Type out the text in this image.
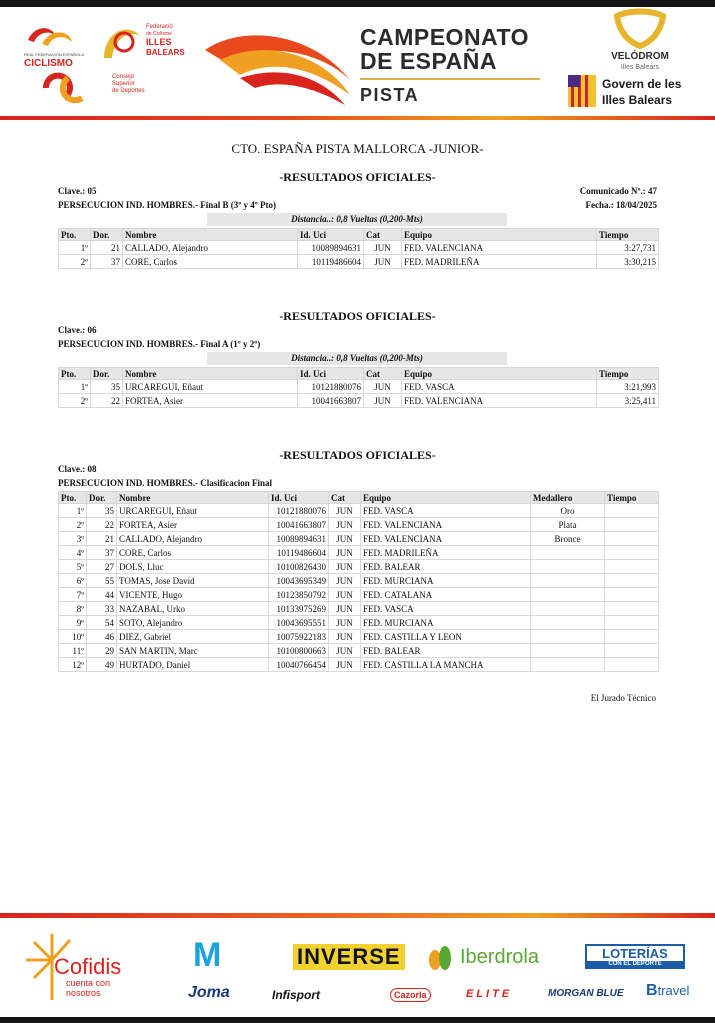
REAL FEDERACIÓN ESPAÑOLA
CICLISMO
Federació
de Ciclisme
ILLES
BALEARS
Consejo
Superior
de Deportes
CAMPEONATO
DE ESPAÑA
PISTA
VELÓDROM
Illes Balears
Govern de les
Illes Balears
CTO. ESPAÑA PISTA MALLORCA -JUNIOR-
-RESULTADOS OFICIALES-
Clave.: 05	Comunicado Nº.: 47
PERSECUCION IND. HOMBRES.- Final B (3º y 4º Pto)	Fecha.: 18/04/2025
Distancia..: 0,8 Vueltas (0,200-Mts)
Pto.	Dor.	Nombre	Id. Uci	Cat	Equipo	Tiempo
1º	21	CALLADO, Alejandro	10089894631	JUN	FED. VALENCIANA	3:27,731
2º	37	CORE, Carlos	10119486604	JUN	FED. MADRILEÑA	3:30,215
-RESULTADOS OFICIALES-
Clave.: 06
PERSECUCION IND. HOMBRES.- Final A (1º y 2º)
Distancia..: 0,8 Vueltas (0,200-Mts)
Pto.	Dor.	Nombre	Id. Uci	Cat	Equipo	Tiempo
1º	35	URCAREGUI, Eñaut	10121880076	JUN	FED. VASCA	3:21,993
2º	22	FORTEA, Asier	10041663807	JUN	FED. VALENCIANA	3:25,411
-RESULTADOS OFICIALES-
Clave.: 08
PERSECUCION IND. HOMBRES.- Clasificacion Final
Pto.	Dor.	Nombre	Id. Uci	Cat	Equipo	Medallero	Tiempo
1º	35	URCAREGUI, Eñaut	10121880076	JUN	FED. VASCA	Oro	
2º	22	FORTEA, Asier	10041663807	JUN	FED. VALENCIANA	Plata	
3º	21	CALLADO, Alejandro	10089894631	JUN	FED. VALENCIANA	Bronce	
4º	37	CORE, Carlos	10119486604	JUN	FED. MADRILEÑA		
5º	27	DOLS, Lluc	10100826430	JUN	FED. BALEAR		
6º	55	TOMAS, Jose David	10043695349	JUN	FED. MURCIANA		
7º	44	VICENTE, Hugo	10123850792	JUN	FED. CATALANA		
8º	33	NAZABAL, Urko	10133975269	JUN	FED. VASCA		
9º	54	SOTO, Alejandro	10043695551	JUN	FED. MURCIANA		
10º	46	DIEZ, Gabriel	10075922183	JUN	FED. CASTILLA Y LEON		
11º	29	SAN MARTIN, Marc	10100800663	JUN	FED. BALEAR		
12º	49	HURTADO, Daniel	10040766454	JUN	FED. CASTILLA LA MANCHA		
El Jurado Técnico
Cofidis
cuenta con
nosotros
M
Joma
INVERSE
Infisport
Iberdrola
Cazorla	ELITE
LOTERÍAS
CON EL DEPORTE
MORGAN BLUE Btravel
